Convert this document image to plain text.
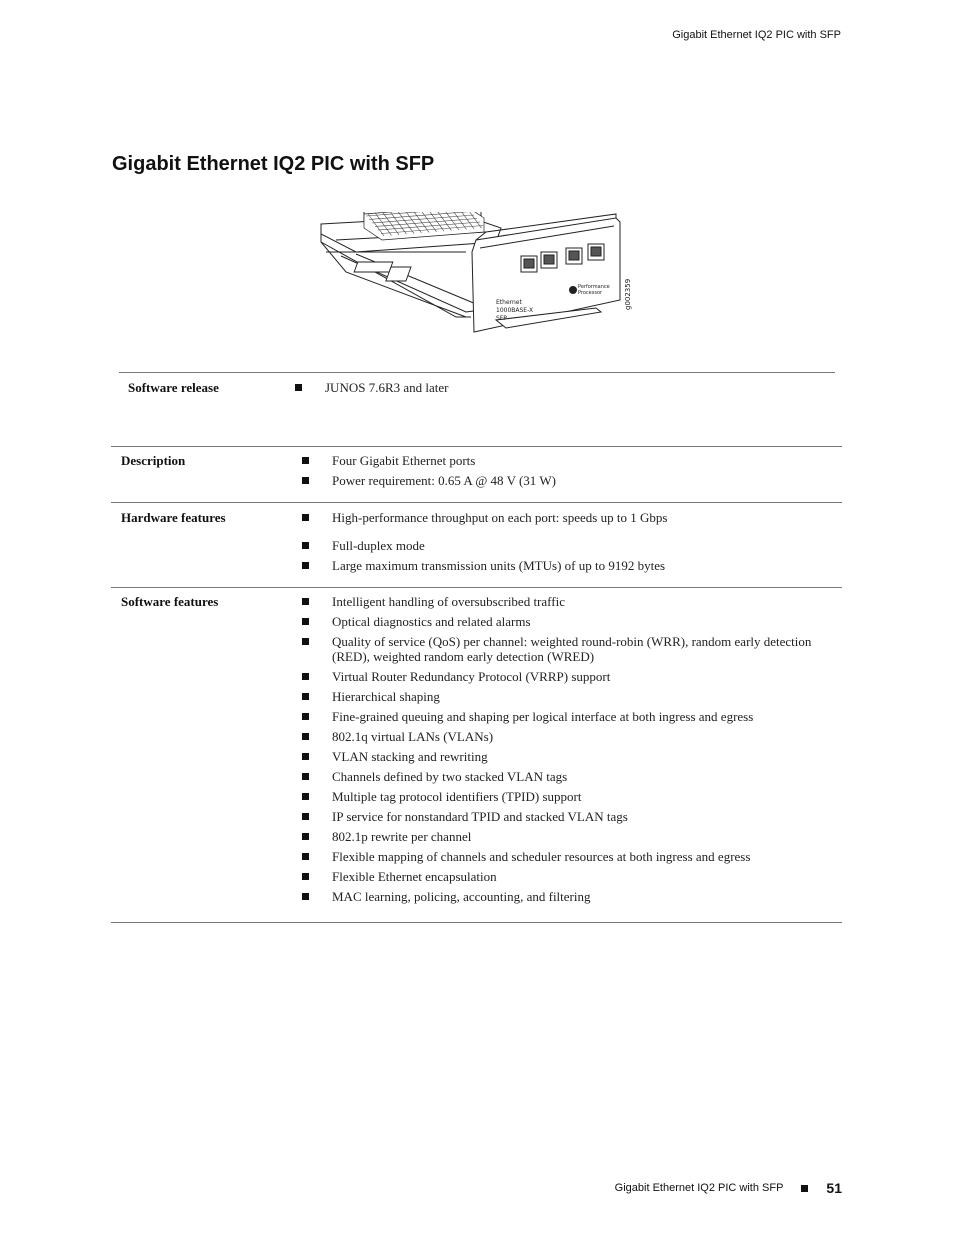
Gigabit Ethernet IQ2 PIC with SFP
Gigabit Ethernet IQ2 PIC with SFP
Ethernet
1000BASE-X
SFP
Performance
Processor	g002359
Software release	JUNOS 7.6R3 and later
Description	Four Gigabit Ethernet ports
Power requirement: 0.65 A @ 48 V (31 W)
Hardware features	High-performance throughput on each port: speeds up to 1 Gbps
Full-duplex mode
Large maximum transmission units (MTUs) of up to 9192 bytes
Software features	Intelligent handling of oversubscribed traffic
Optical diagnostics and related alarms
Quality of service (QoS) per channel: weighted round-robin (WRR), random early detection (RED), weighted random early detection (WRED)
Virtual Router Redundancy Protocol (VRRP) support
Hierarchical shaping
Fine-grained queuing and shaping per logical interface at both ingress and egress
802.1q virtual LANs (VLANs)
VLAN stacking and rewriting
Channels defined by two stacked VLAN tags
Multiple tag protocol identifiers (TPID) support
IP service for nonstandard TPID and stacked VLAN tags
802.1p rewrite per channel
Flexible mapping of channels and scheduler resources at both ingress and egress
Flexible Ethernet encapsulation
MAC learning, policing, accounting, and filtering
Gigabit Ethernet IQ2 PIC with SFP	51
